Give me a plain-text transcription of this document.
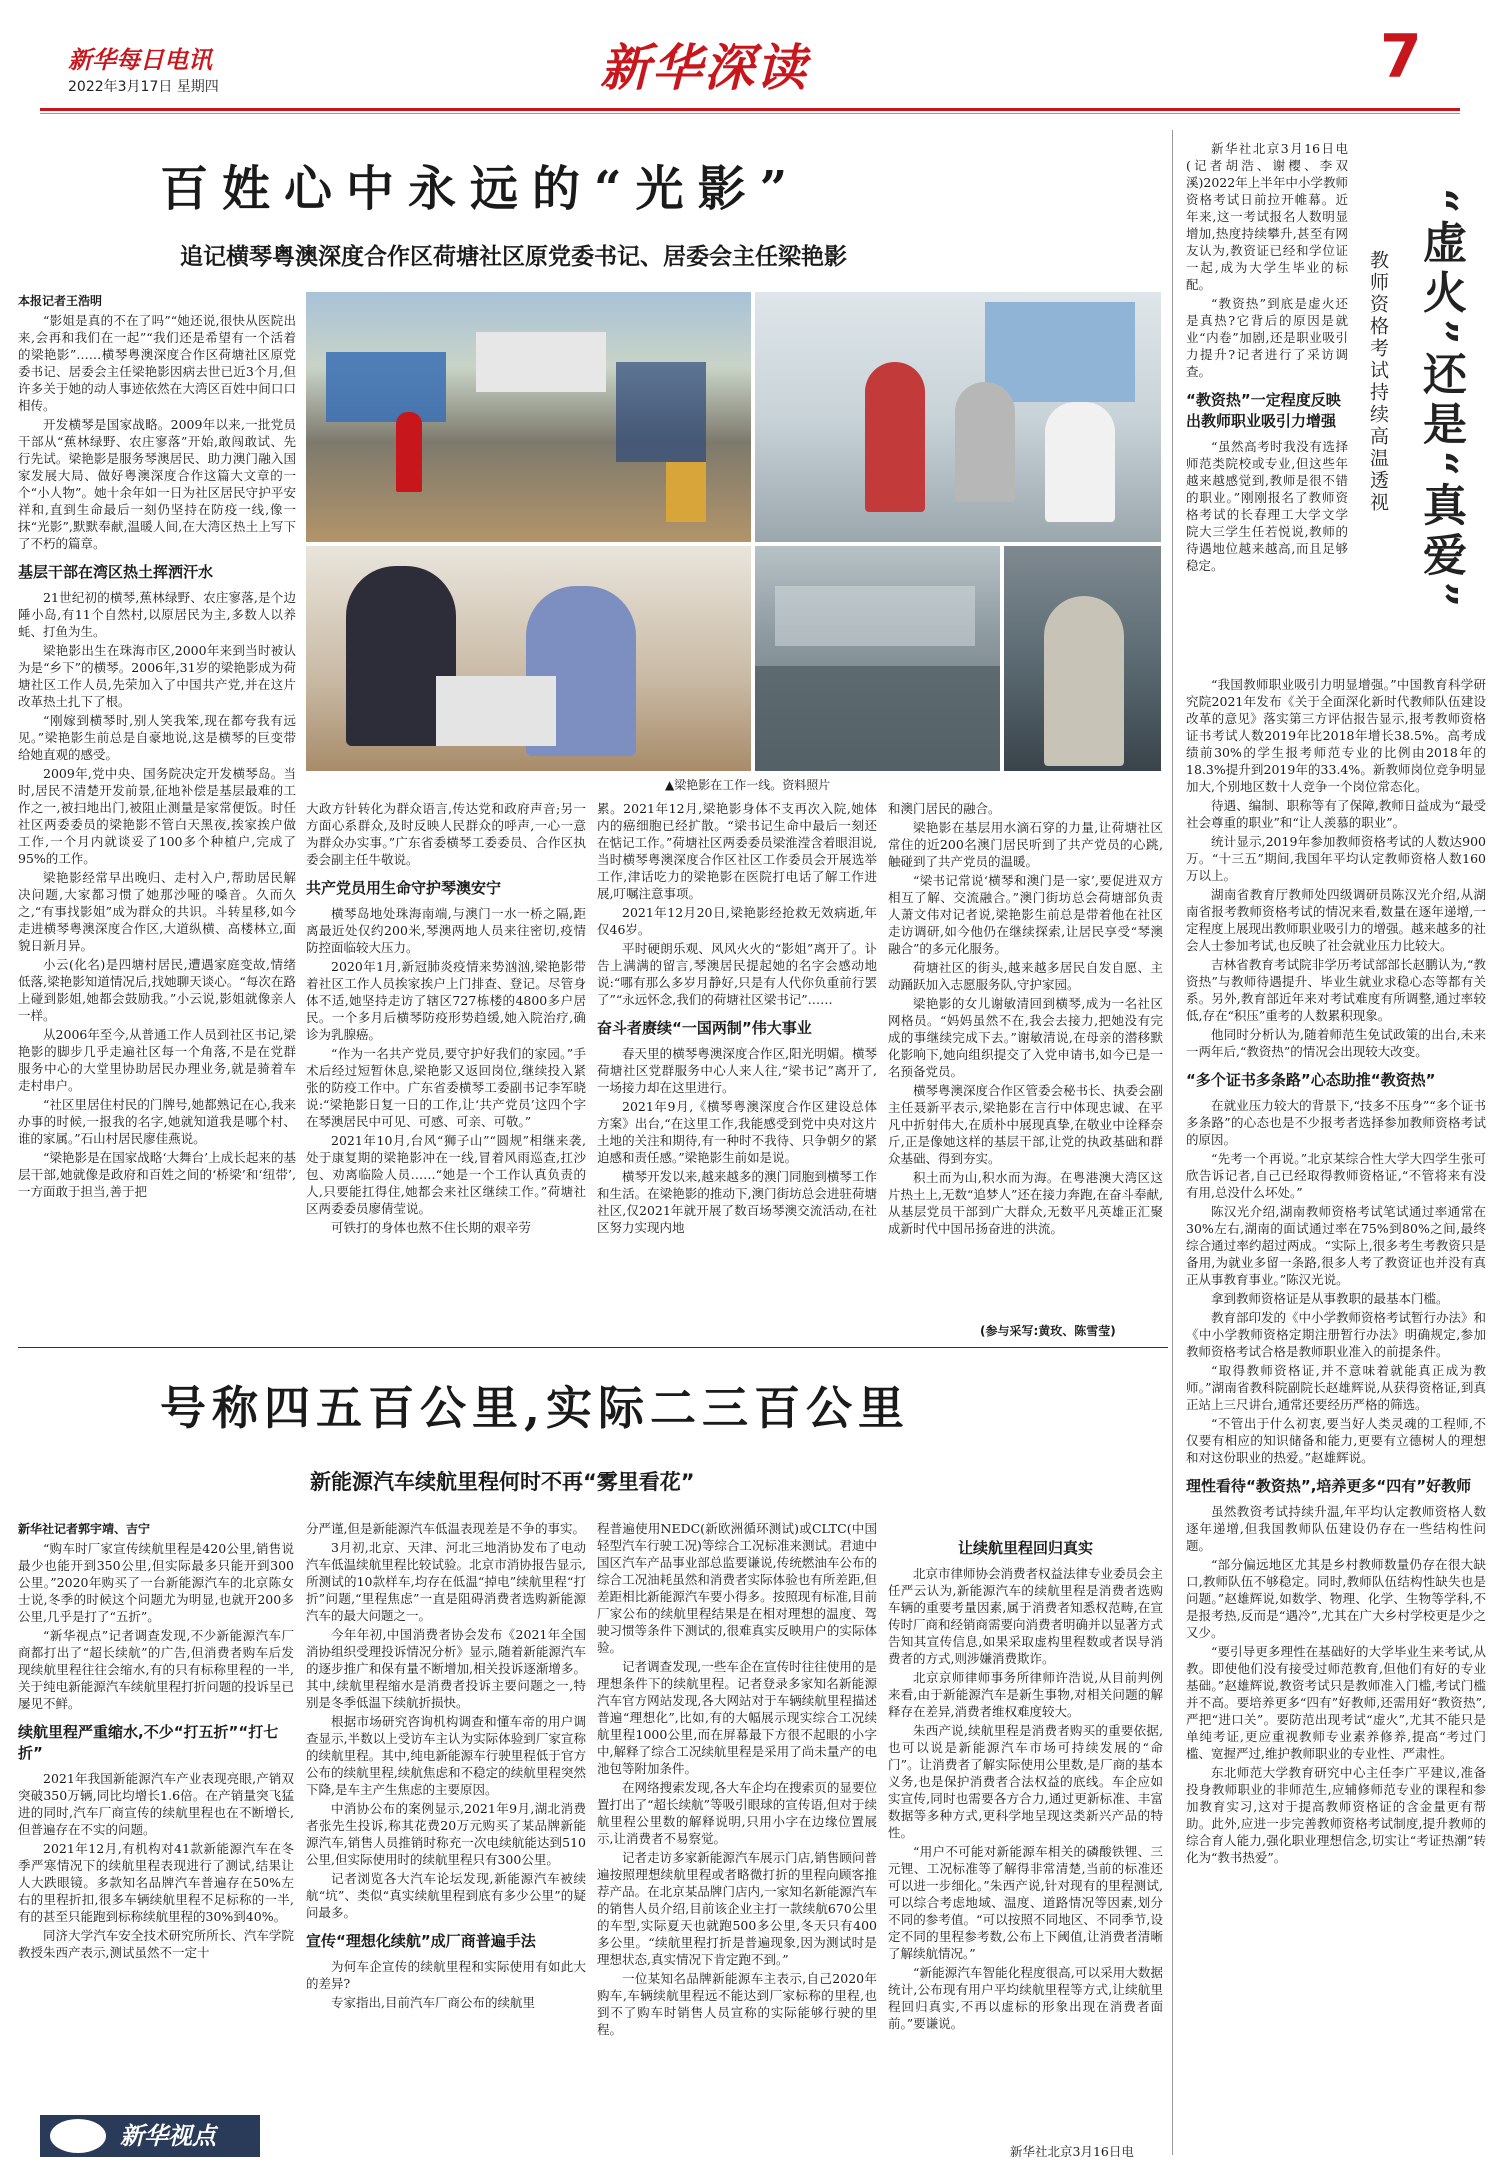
新华每日电讯
2022年3月17日 星期四	新华深读	7
百姓心中永远的“光影”
追记横琴粤澳深度合作区荷塘社区原党委书记、居委会主任梁艳影
本报记者王浩明
▲梁艳影在工作一线。资料照片

“影姐是真的不在了吗”“她还说,很快从医院出来,会再和我们在一起”“我们还是希望有一个活着的梁艳影”……横琴粤澳深度合作区荷塘社区原党委书记、居委会主任梁艳影因病去世已近3个月,但许多关于她的动人事迹依然在大湾区百姓中间口口相传。

开发横琴是国家战略。2009年以来,一批党员干部从“蕉林绿野、农庄寥落”开始,敢闯敢试、先行先试。梁艳影是服务琴澳居民、助力澳门融入国家发展大局、做好粤澳深度合作这篇大文章的一个“小人物”。她十余年如一日为社区居民守护平安祥和,直到生命最后一刻仍坚持在防疫一线,像一抹“光影”,默默奉献,温暖人间,在大湾区热土上写下了不朽的篇章。

基层干部在湾区热土挥洒汗水

21世纪初的横琴,蕉林绿野、农庄寥落,是个边陲小岛,有11个自然村,以原居民为主,多数人以养蚝、打鱼为生。

梁艳影出生在珠海市区,2000年来到当时被认为是“乡下”的横琴。2006年,31岁的梁艳影成为荷塘社区工作人员,先荣加入了中国共产党,并在这片改革热土扎下了根。

“刚嫁到横琴时,别人笑我笨,现在都夸我有远见。”梁艳影生前总是自豪地说,这是横琴的巨变带给她直观的感受。

2009年,党中央、国务院决定开发横琴岛。当时,居民不清楚开发前景,征地补偿是基层最难的工作之一,被扫地出门,被阻止测量是家常便饭。时任社区两委委员的梁艳影不管白天黑夜,挨家挨户做工作,一个月内就谈妥了100多个种植户,完成了95%的工作。

梁艳影经常早出晚归、走村入户,帮助居民解决问题,大家都习惯了她那沙哑的嗓音。久而久之,“有事找影姐”成为群众的共识。斗转星移,如今走进横琴粤澳深度合作区,大道纵横、高楼林立,面貌日新月异。

小云(化名)是四塘村居民,遭遇家庭变故,情绪低落,梁艳影知道情况后,找她聊天谈心。“每次在路上碰到影姐,她都会鼓励我。”小云说,影姐就像亲人一样。

从2006年至今,从普通工作人员到社区书记,梁艳影的脚步几乎走遍社区每一个角落,不是在党群服务中心的大堂里协助居民办理业务,就是骑着车走村串户。

“社区里居住村民的门牌号,她都熟记在心,我来办事的时候,一报我的名字,她就知道我是哪个村、谁的家属。”石山村居民廖佳燕说。

“梁艳影是在国家战略‘大舞台’上成长起来的基层干部,她就像是政府和百姓之间的‘桥梁’和‘纽带’,一方面敢于担当,善于把

大政方针转化为群众语言,传达党和政府声音;另一方面心系群众,及时反映人民群众的呼声,一心一意为群众办实事。”广东省委横琴工委委员、合作区执委会副主任牛敬说。

共产党员用生命守护琴澳安宁

横琴岛地处珠海南端,与澳门一水一桥之隔,距离最近处仅约200米,琴澳两地人员来往密切,疫情防控面临较大压力。

2020年1月,新冠肺炎疫情来势汹汹,梁艳影带着社区工作人员挨家挨户上门排查、登记。尽管身体不适,她坚持走访了辖区727栋楼的4800多户居民。一个多月后横琴防疫形势趋缓,她入院治疗,确诊为乳腺癌。

“作为一名共产党员,要守护好我们的家园。”手术后经过短暂休息,梁艳影又返回岗位,继续投入紧张的防疫工作中。广东省委横琴工委副书记李军晓说:“梁艳影日复一日的工作,让‘共产党员’这四个字在琴澳居民中可见、可感、可亲、可敬。”

2021年10月,台风“狮子山”“圆规”相继来袭,处于康复期的梁艳影冲在一线,冒着风雨巡查,扛沙包、劝离临险人员……“她是一个工作认真负责的人,只要能扛得住,她都会来社区继续工作。”荷塘社区两委委员廖倩莹说。

可铁打的身体也熬不住长期的艰辛劳

累。2021年12月,梁艳影身体不支再次入院,她体内的癌细胞已经扩散。“梁书记生命中最后一刻还在惦记工作。”荷塘社区两委委员梁淮滢含着眼泪说,当时横琴粤澳深度合作区社区工作委员会开展选举工作,津话吃力的梁艳影在医院打电话了解工作进展,叮嘱注意事项。

2021年12月20日,梁艳影经抢救无效病逝,年仅46岁。

平时硬朗乐观、风风火火的“影姐”离开了。讣告上满满的留言,琴澳居民提起她的名字会感动地说:“哪有那么多岁月静好,只是有人代你负重前行罢了”“永远怀念,我们的荷塘社区梁书记”……

奋斗者赓续“一国两制”伟大事业

春天里的横琴粤澳深度合作区,阳光明媚。横琴荷塘社区党群服务中心人来人往,“梁书记”离开了,一场接力却在这里进行。

2021年9月,《横琴粤澳深度合作区建设总体方案》出台,“在这里工作,我能感受到党中央对这片土地的关注和期待,有一种时不我待、只争朝夕的紧迫感和责任感。”梁艳影生前如是说。

横琴开发以来,越来越多的澳门同胞到横琴工作和生活。在梁艳影的推动下,澳门街坊总会进驻荷塘社区,仅2021年就开展了数百场琴澳交流活动,在社区努力实现内地

和澳门居民的融合。

梁艳影在基层用水滴石穿的力量,让荷塘社区常住的近200名澳门居民听到了共产党员的心跳,触碰到了共产党员的温暖。

“梁书记常说‘横琴和澳门是一家’,要促进双方相互了解、交流融合。”澳门街坊总会荷塘部负责人萧文伟对记者说,梁艳影生前总是带着他在社区走访调研,如今他仍在继续探索,让居民享受“琴澳融合”的多元化服务。

荷塘社区的街头,越来越多居民自发自愿、主动踊跃加入志愿服务队,守护家园。

梁艳影的女儿谢敏清回到横琴,成为一名社区网格员。“妈妈虽然不在,我会去接力,把她没有完成的事继续完成下去。”谢敏清说,在母亲的潜移默化影响下,她向组织提交了入党申请书,如今已是一名预备党员。

横琴粤澳深度合作区管委会秘书长、执委会副主任聂新平表示,梁艳影在言行中体现忠诚、在平凡中折射伟大,在质朴中展现真挚,在敬业中诠释奈斤,正是像她这样的基层干部,让党的执政基础和群众基础、得到夯实。

积土而为山,积水而为海。在粤港澳大湾区这片热土上,无数“追梦人”还在接力奔跑,在奋斗奉献,从基层党员干部到广大群众,无数平凡英雄正汇聚成新时代中国吊扬奋进的洪流。

(参与采写:黄玫、陈雪莹)
号称四五百公里,实际二三百公里
新能源汽车续航里程何时不再“雾里看花”
新华社记者郭宇靖、吉宁

“购车时厂家宣传续航里程是420公里,销售说最少也能开到350公里,但实际最多只能开到300公里。”2020年购买了一台新能源汽车的北京陈女士说,冬季的时候这个问题尤为明显,也就开200多公里,几乎是打了“五折”。

“新华视点”记者调查发现,不少新能源汽车厂商都打出了“超长续航”的广告,但消费者购车后发现续航里程往往会缩水,有的只有标称里程的一半,关于纯电新能源汽车续航里程打折问题的投诉呈已屡见不鲜。

续航里程严重缩水,不少“打五折”“打七折”

2021年我国新能源汽车产业表现亮眼,产销双突破350万辆,同比均增长1.6倍。在产销量突飞猛进的同时,汽车厂商宣传的续航里程也在不断增长,但普遍存在不实的问题。

2021年12月,有机构对41款新能源汽车在冬季严寒情况下的续航里程表现进行了测试,结果让人大跌眼镜。多款知名品牌汽车普遍存在50%左右的里程折扣,很多车辆续航里程不足标称的一半,有的甚至只能跑到标称续航里程的30%到40%。

同济大学汽车安全技术研究所所长、汽车学院教授朱西产表示,测试虽然不一定十

分严谨,但是新能源汽车低温表现差是不争的事实。

3月初,北京、天津、河北三地消协发布了电动汽车低温续航里程比较试验。北京市消协报告显示,所测试的10款样车,均存在低温“掉电”续航里程“打折”问题,“里程焦虑”一直是阻碍消费者选购新能源汽车的最大问题之一。

今年年初,中国消费者协会发布《2021年全国消协组织受理投诉情况分析》显示,随着新能源汽车的逐步推广和保有量不断增加,相关投诉逐渐增多。其中,续航里程缩水是消费者投诉主要问题之一,特别是冬季低温下续航折损快。

根据市场研究咨询机构调查和懂车帝的用户调查显示,半数以上受访车主认为实际体验到厂家宣称的续航里程。其中,纯电新能源车行驶里程低于官方公布的续航里程,续航焦虑和不稳定的续航里程突然下降,是车主产生焦虑的主要原因。

中消协公布的案例显示,2021年9月,湖北消费者张先生投诉,称其花费20万元购买了某品牌新能源汽车,销售人员推销时称充一次电续航能达到510公里,但实际使用时的续航里程只有300公里。

记者浏览各大汽车论坛发现,新能源汽车被续航“坑”、类似“真实续航里程到底有多少公里”的疑问最多。

宣传“理想化续航”成厂商普遍手法

为何车企宣传的续航里程和实际使用有如此大的差异?

专家指出,目前汽车厂商公布的续航里

程普遍使用NEDC(新欧洲循环测试)或CLTC(中国轻型汽车行驶工况)等综合工况标准来测试。君迪中国区汽车产品事业部总监要谦说,传统燃油车公布的综合工况油耗虽然和消费者实际体验也有所差距,但差距相比新能源汽车要小得多。按照现有标准,目前厂家公布的续航里程结果是在相对理想的温度、驾驶习惯等条件下测试的,很难真实反映用户的实际体验。

记者调查发现,一些车企在宣传时往往使用的是理想条件下的续航里程。记者登录多家知名新能源汽车官方网站发现,各大网站对于车辆续航里程描述普遍“理想化”,比如,有的大幅展示现实综合工况续航里程1000公里,而在屏幕最下方很不起眼的小字中,解释了综合工况续航里程是采用了尚未量产的电池包等附加条件。

在网络搜索发现,各大车企均在搜索页的显要位置打出了“超长续航”等吸引眼球的宣传语,但对于续航里程公里数的解释说明,只用小字在边缘位置展示,让消费者不易察觉。

记者走访多家新能源汽车展示门店,销售顾问普遍按照理想续航里程或者略微打折的里程向顾客推荐产品。在北京某品牌门店内,一家知名新能源汽车的销售人员介绍,目前该企业主打一款续航670公里的车型,实际夏天也就跑500多公里,冬天只有400多公里。“续航里程打折是普遍现象,因为测试时是理想状态,真实情况下肯定跑不到。”

一位某知名品牌新能源车主表示,自己2020年购车,车辆续航里程远不能达到厂家标称的里程,也到不了购车时销售人员宣称的实际能够行驶的里程。

让续航里程回归真实

北京市律师协会消费者权益法律专业委员会主任严云认为,新能源汽车的续航里程是消费者选购车辆的重要考量因素,属于消费者知悉权范畴,在宣传时厂商和经销商需要向消费者明确并以显著方式告知其宣传信息,如果采取虚构里程数或者误导消费者的方式,则涉嫌消费欺诈。

北京京师律师事务所律师许浩说,从目前判例来看,由于新能源汽车是新生事物,对相关问题的解释存在差异,消费者维权难度较大。

朱西产说,续航里程是消费者购买的重要依据,也可以说是新能源汽车市场可持续发展的“命门”。让消费者了解实际使用公里数,是厂商的基本义务,也是保护消费者合法权益的底线。车企应如实宣传,同时也需要各方合力,通过更新标准、丰富数据等多种方式,更科学地呈现这类新兴产品的特性。

“用户不可能对新能源车相关的磷酸铁锂、三元锂、工况标准等了解得非常清楚,当前的标准还可以进一步细化。”朱西产说,针对现有的里程测试,可以综合考虑地域、温度、道路情况等因素,划分不同的参考值。“可以按照不同地区、不同季节,设定不同的里程参考数,公布上下阈值,让消费者清晰了解续航情况。”

“新能源汽车智能化程度很高,可以采用大数据统计,公布现有用户平均续航里程等方式,让续航里程回归真实,不再以虚标的形象出现在消费者面前。”要谦说。

新华社北京3月16日电
新华视点
“虚火”还是“真爱”
教师资格考试持续高温透视

新华社北京3月16日电(记者胡浩、谢樱、李双溪)2022年上半年中小学教师资格考试日前拉开帷幕。近年来,这一考试报名人数明显增加,热度持续攀升,甚至有网友认为,教资证已经和学位证一起,成为大学生毕业的标配。

“教资热”到底是虚火还是真热?它背后的原因是就业“内卷”加剧,还是职业吸引力提升?记者进行了采访调查。

“教资热”一定程度反映出教师职业吸引力增强

“虽然高考时我没有选择师范类院校或专业,但这些年越来越感觉到,教师是很不错的职业。”刚刚报名了教师资格考试的长春理工大学文学院大三学生任若悦说,教师的待遇地位越来越高,而且足够稳定。

“我国教师职业吸引力明显增强。”中国教育科学研究院2021年发布《关于全面深化新时代教师队伍建设改革的意见》落实第三方评估报告显示,报考教师资格证书考试人数2019年比2018年增长38.5%。高考成绩前30%的学生报考师范专业的比例由2018年的18.3%提升到2019年的33.4%。新教师岗位竞争明显加大,个别地区数十人竞争一个岗位常态化。

待遇、编制、职称等有了保障,教师日益成为“最受社会尊重的职业”和“让人羡慕的职业”。

统计显示,2019年参加教师资格考试的人数达900万。“十三五”期间,我国年平均认定教师资格人数160万以上。

湖南省教育厅教师处四级调研员陈汉光介绍,从湖南省报考教师资格考试的情况来看,数量在逐年递增,一定程度上展现出教师职业吸引力的增强。越来越多的社会人士参加考试,也反映了社会就业压力比较大。

吉林省教育考试院非学历考试部部长赵鹏认为,“教资热”与教师待遇提升、毕业生就业求稳心态等都有关系。另外,教育部近年来对考试难度有所调整,通过率较低,存在“积压”重考的人数累积现象。

他同时分析认为,随着师范生免试政策的出台,未来一两年后,“教资热”的情况会出现较大改变。

“多个证书多条路”心态助推“教资热”

在就业压力较大的背景下,“技多不压身”“多个证书多条路”的心态也是不少报考者选择参加教师资格考试的原因。

“先考一个再说。”北京某综合性大学大四学生张可欣告诉记者,自己已经取得教师资格证,“不管将来有没有用,总没什么坏处。”

陈汉光介绍,湖南教师资格考试笔试通过率通常在30%左右,湖南的面试通过率在75%到80%之间,最终综合通过率约超过两成。“实际上,很多考生考教资只是备用,为就业多留一条路,很多人考了教资证也并没有真正从事教育事业。”陈汉光说。

拿到教师资格证是从事教职的最基本门槛。

教育部印发的《中小学教师资格考试暂行办法》和《中小学教师资格定期注册暂行办法》明确规定,参加教师资格考试合格是教师职业准入的前提条件。

“取得教师资格证,并不意味着就能真正成为教师。”湖南省教科院副院长赵雄辉说,从获得资格证,到真正站上三尺讲台,通常还要经历严格的筛选。

“不管出于什么初衷,要当好人类灵魂的工程师,不仅要有相应的知识储备和能力,更要有立德树人的理想和对这份职业的热爱。”赵雄辉说。

理性看待“教资热”,培养更多“四有”好教师

虽然教资考试持续升温,年平均认定教师资格人数逐年递增,但我国教师队伍建设仍存在一些结构性问题。

“部分偏远地区尤其是乡村教师数量仍存在很大缺口,教师队伍不够稳定。同时,教师队伍结构性缺失也是问题。”赵雄辉说,如数学、物理、化学、生物等学科,不是报考热,反而是“遇冷”,尤其在广大乡村学校更是少之又少。

“要引导更多理性在基础好的大学毕业生来考试,从教。即使他们没有接受过师范教育,但他们有好的专业基础。”赵雄辉说,教资考试只是教师准入门槛,考试门槛并不高。要培养更多“四有”好教师,还需用好“教资热”,严把“进口关”。要防范出现考试“虚火”,尤其不能只是单纯考证,更应重视教师专业素养修养,提高“考过门槛、宽握严过,维护教师职业的专业性、严肃性。

东北师范大学教育研究中心主任李广平建议,准备投身教师职业的非师范生,应辅修师范专业的课程和参加教育实习,这对于提高教师资格证的含金量更有帮助。此外,应进一步完善教师资格考试制度,提升教师的综合育人能力,强化职业理想信念,切实让“考证热潮”转化为“教书热爱”。
